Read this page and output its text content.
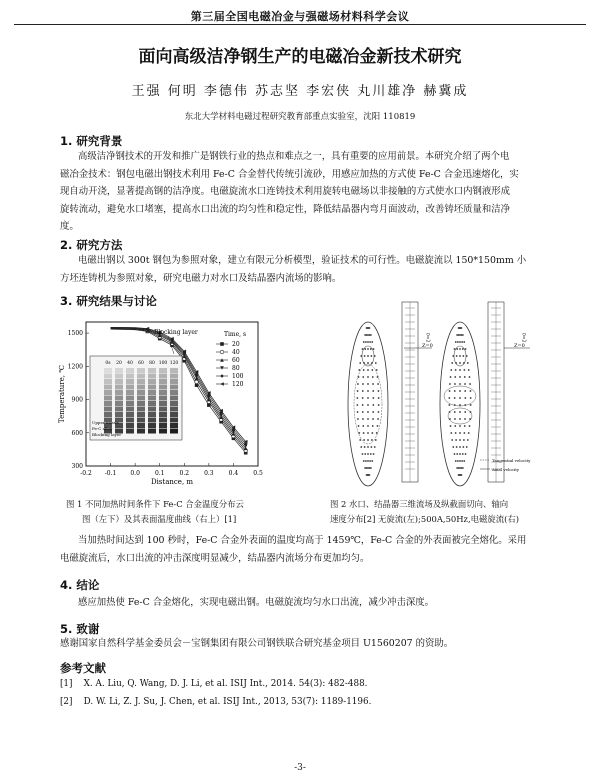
第三届全国电磁冶金与强磁场材料科学会议
面向高级洁净钢生产的电磁冶金新技术研究
王强 何明 李德伟 苏志坚 李宏侠 丸川雄净 赫冀成
东北大学材料电磁过程研究教育部重点实验室，沈阳 110819
1. 研究背景
高级洁净钢技术的开发和推广是钢铁行业的热点和难点之一，具有重要的应用前景。本研究介绍了两个电
磁冶金技术：钢包电磁出钢技术利用 Fe-C 合金替代传统引流砂，用感应加热的方式使 Fe-C 合金迅速熔化，实
现自动开浇，显著提高钢的洁净度。电磁旋流水口连铸技术利用旋转电磁场以非接触的方式使水口内钢液形成
旋转流动，避免水口堵塞，提高水口出流的均匀性和稳定性，降低结晶器内弯月面波动，改善铸坯质量和洁净
度。
2. 研究方法
电磁出钢以 300t 钢包为参照对象，建立有限元分析模型，验证技术的可行性。电磁旋流以 150*150mm 小
方坯连铸机为参照对象，研究电磁力对水口及结晶器内流场的影响。
3. 研究结果与讨论
300
600
900
1200
1500
-0.2 -0.1 0.0	0.1	0.2	0.3	0.4	0.5
0s 20 40 60 80 100 120
Upper nozzle
Fe-C alloy
Blocking layer
Time, s
20
40
60
80
100
120
Blocking layer
Distance, m
Temperature, ℃
Z=0	Z=0
ζ=0	ζ=0
Tangential velocity
Axial velocity
图 1 不同加热时间条件下 Fe-C 合金温度分布云
图（左下）及其表面温度曲线（右上）[1]
图 2 水口、结晶器三维流场及纵截面切向、轴向
速度分布[2] 无旋流(左);500A,50Hz,电磁旋流(右)
当加热时间达到 100 秒时，Fe-C 合金外表面的温度均高于 1459℃，Fe-C 合金的外表面被完全熔化。采用
电磁旋流后，水口出流的冲击深度明显减少，结晶器内流场分布更加均匀。
4. 结论
感应加热使 Fe-C 合金熔化，实现电磁出钢。电磁旋流均匀水口出流，减少冲击深度。
5. 致谢
感谢国家自然科学基金委员会－宝钢集团有限公司钢铁联合研究基金项目 U1560207 的资助。
参考文献
[1] X. A. Liu, Q. Wang, D. J. Li, et al. ISIJ Int., 2014. 54(3): 482-488.
[2] D. W. Li, Z. J. Su, J. Chen, et al. ISIJ Int., 2013, 53(7): 1189-1196.
-3-
